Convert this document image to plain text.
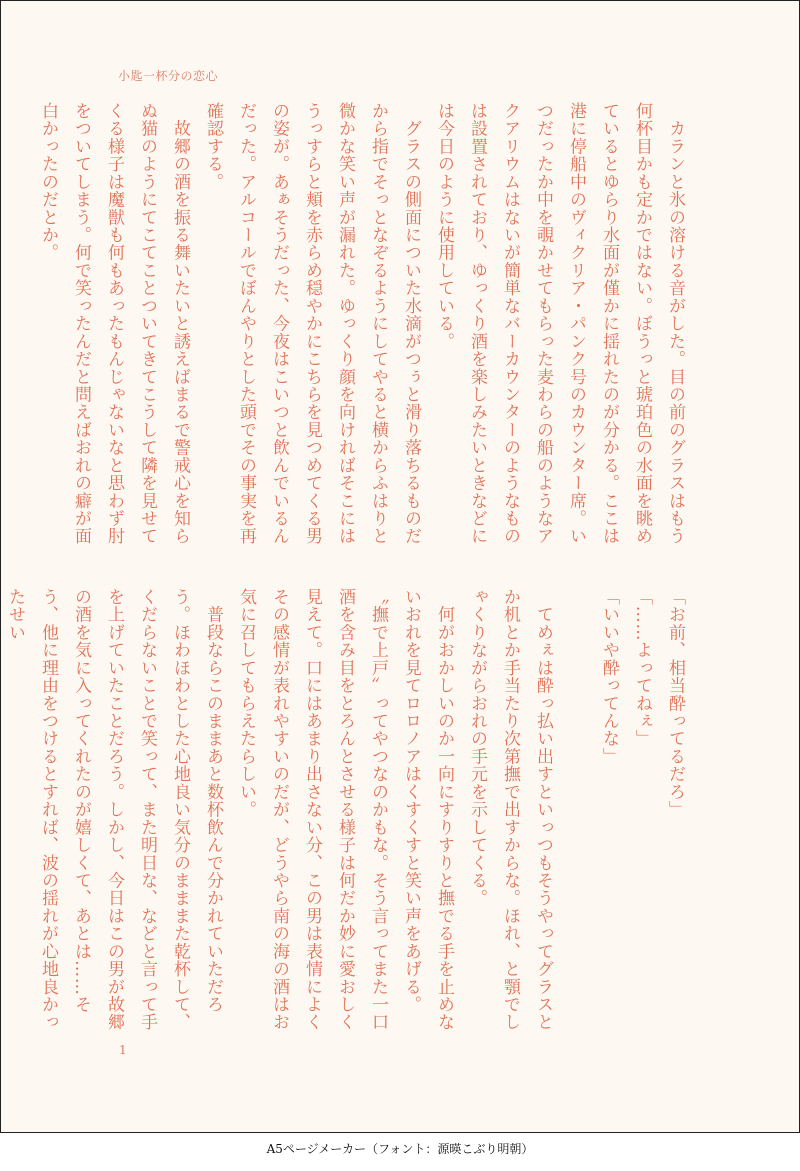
小匙一杯分の恋心

　カランと氷の溶ける音がした。目の前のグラスはもう何杯目かも定かではない。ぼうっと琥珀色の水面を眺めているとゆらり水面が僅かに揺れたのが分かる。ここは港に停船中のヴィクリア・パンク号のカウンター席。いつだったか中を覗かせてもらった麦わらの船のようなアクアリウムはないが簡単なバーカウンターのようなものは設置されており、ゆっくり酒を楽しみたいときなどには今日のように使用している。

　グラスの側面についた水滴がつぅと滑り落ちるものだから指でそっとなぞるようにしてやると横からふはりと微かな笑い声が漏れた。ゆっくり顔を向ければそこにはうっすらと頬を赤らめ穏やかにこちらを見つめてくる男の姿が。あぁそうだった、今夜はこいつと飲んでいるんだった。アルコールでぼんやりとした頭でその事実を再確認する。

　故郷の酒を振る舞いたいと誘えばまるで警戒心を知らぬ猫のようにてこてことついてきてこうして隣を見せてくる様子は魔獣も何もあったもんじゃないなと思わず肘をついてしまう。何で笑ったんだと問えばおれの癖が面白かったのだとか。

「お前、相当酔ってるだろ」

「……よってねぇ」

「いいや酔ってんな」

　てめぇは酔っ払い出すといっつもそうやってグラスとか机とか手当たり次第撫で出すからな。ほれ、と顎でしゃくりながらおれの手元を示してくる。

　何がおかしいのか一向にすりすりと撫でる手を止めないおれを見てロロノアはくすくすと笑い声をあげる。

〝撫で上戸〟ってやつなのかもな。そう言ってまた一口酒を含み目をとろんとさせる様子は何だか妙に愛おしく見えて。口にはあまり出さない分、この男は表情によくその感情が表れやすいのだが、どうやら南の海の酒はお気に召してもらえたらしい。

　普段ならこのままあと数杯飲んで分かれていただろう。ほわほわとした心地良い気分のまままた乾杯して、くだらないことで笑って、また明日な、などと言って手を上げていたことだろう。しかし、今日はこの男が故郷の酒を気に入ってくれたのが嬉しくて、あとは……そう、他に理由をつけるとすれば、波の揺れが心地良かったせい

1
A5ページメーカー（フォント：源暎こぶり明朝）
